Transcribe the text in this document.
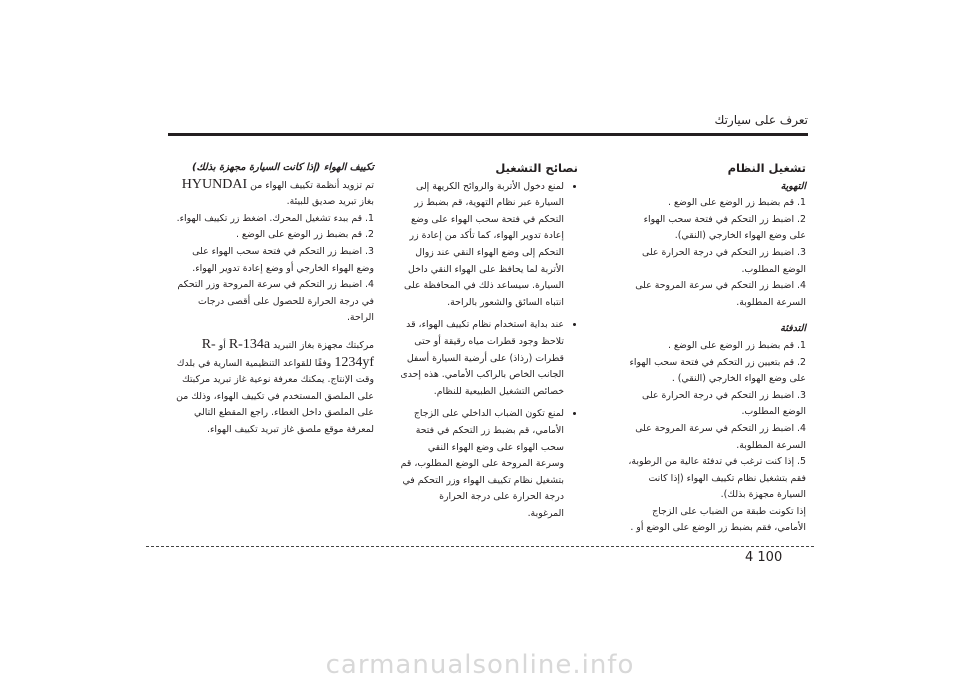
تعرف على سيارتك
تشغيل النظام
التهوية
1. قم بضبط زر الوضع على الوضع .
2. اضبط زر التحكم في فتحة سحب الهواء على وضع الهواء الخارجي (النقي).
3. اضبط زر التحكم في درجة الحرارة على الوضع المطلوب.
4. اضبط زر التحكم في سرعة المروحة على السرعة المطلوبة.
التدفئة
1. قم بضبط زر الوضع على الوضع .
2. قم بتعيين زر التحكم في فتحة سحب الهواء على وضع الهواء الخارجي (النقي) .
3. اضبط زر التحكم في درجة الحرارة على الوضع المطلوب.
4. اضبط زر التحكم في سرعة المروحة على السرعة المطلوبة.
5. إذا كنت ترغب في تدفئة عالية من الرطوبة، فقم بتشغيل نظام تكييف الهواء (إذا كانت السيارة مجهزة بذلك).
إذا تكونت طبقة من الضباب على الزجاج الأمامي، فقم بضبط زر الوضع على الوضع أو .
نصائح التشغيل
• لمنع دخول الأتربة والروائح الكريهة إلى السيارة عبر نظام التهوية، قم بضبط زر التحكم في فتحة سحب الهواء على وضع إعادة تدوير الهواء، كما تأكد من إعادة زر التحكم إلى وضع الهواء النقي عند زوال الأتربة لما يحافظ على الهواء النقي داخل السيارة. سيساعد ذلك في المحافظة على انتباه السائق والشعور بالراحة.
• عند بداية استخدام نظام تكييف الهواء، قد تلاحظ وجود قطرات مياه رقيقة أو حتى قطرات (رذاذ) على أرضية السيارة أسفل الجانب الخاص بالراكب الأمامي. هذه إحدى خصائص التشغيل الطبيعية للنظام.
• لمنع تكون الضباب الداخلي على الزجاج الأمامي، قم بضبط زر التحكم في فتحة سحب الهواء على وضع الهواء النقي وسرعة المروحة على الوضع المطلوب، قم بتشغيل نظام تكييف الهواء وزر التحكم في درجة الحرارة على درجة الحرارة المرغوبة.
تكييف الهواء (إذا كانت السيارة مجهزة بذلك)
تم تزويد أنظمة تكييف الهواء من HYUNDAI بغاز تبريد صديق للبيئة.
1. قم ببدء تشغيل المحرك. اضغط زر تكييف الهواء.
2. قم بضبط زر الوضع على الوضع .
3. اضبط زر التحكم في فتحة سحب الهواء على وضع الهواء الخارجي أو وضع إعادة تدوير الهواء.
4. اضبط زر التحكم في سرعة المروحة وزر التحكم في درجة الحرارة للحصول على أقصى درجات الراحة.
مركبتك مجهزة بغاز التبريد R-134a أو R-1234yf وفقًا للقواعد التنظيمية السارية في بلدك وقت الإنتاج. يمكنك معرفة نوعية غاز تبريد مركبتك على الملصق المستخدم في تكييف الهواء، وذلك من على الملصق داخل الغطاء. راجع المقطع التالي لمعرفة موقع ملصق غاز تبريد تكييف الهواء.
4 100
carmanualsonline.info
